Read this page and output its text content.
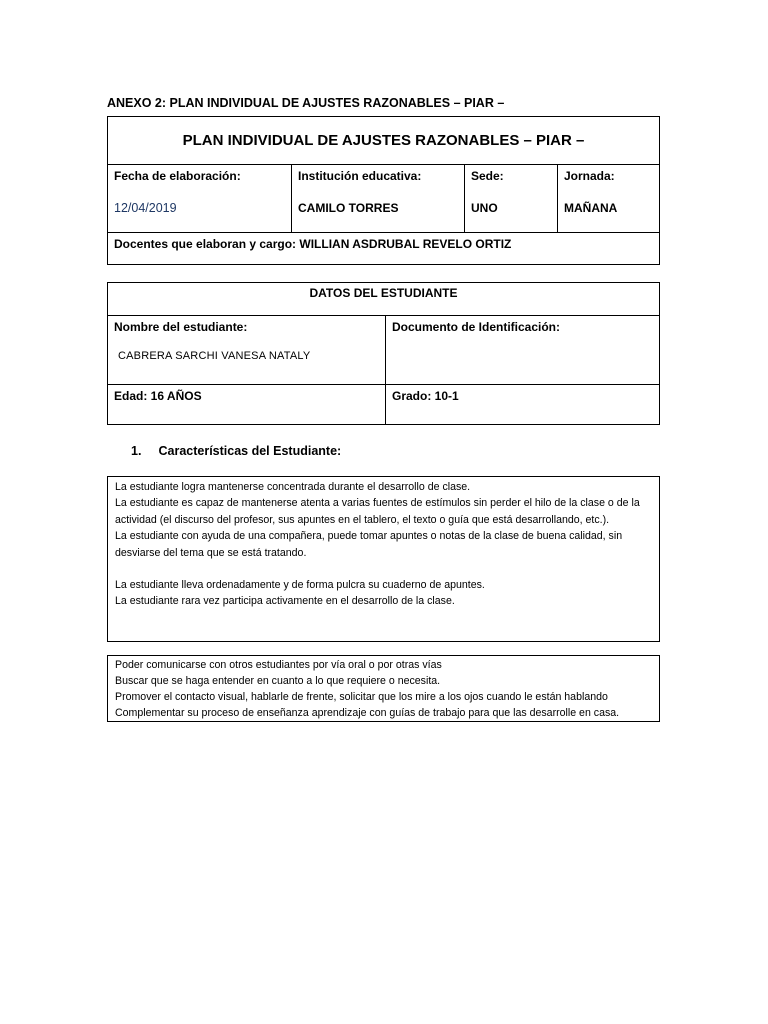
ANEXO 2: PLAN INDIVIDUAL DE AJUSTES RAZONABLES – PIAR –
PLAN INDIVIDUAL DE AJUSTES RAZONABLES – PIAR –
Fecha de elaboración:
12/04/2019
Institución educativa:
CAMILO TORRES
Sede:
UNO
Jornada:
MAÑANA
Docentes que elaboran y cargo: WILLIAN ASDRUBAL REVELO ORTIZ
DATOS DEL ESTUDIANTE
Nombre del estudiante:
CABRERA SARCHI VANESA NATALY
Documento de Identificación:
Edad: 16 AÑOS	Grado: 10-1
1. Características del Estudiante:

La estudiante logra mantenerse concentrada durante el desarrollo de clase.

La estudiante es capaz de mantenerse atenta a varias fuentes de estímulos sin perder el hilo de la clase o de la actividad (el discurso del profesor, sus apuntes en el tablero, el texto o guía que está desarrollando, etc.).

La estudiante con ayuda de una compañera, puede tomar apuntes o notas de la clase de buena calidad, sin desviarse del tema que se está tratando.

La estudiante lleva ordenadamente y de forma pulcra su cuaderno de apuntes.

La estudiante rara vez participa activamente en el desarrollo de la clase.

Poder comunicarse con otros estudiantes por vía oral o por otras vías

Buscar que se haga entender en cuanto a lo que requiere o necesita.

Promover el contacto visual, hablarle de frente, solicitar que los mire a los ojos cuando le están hablando

Complementar su proceso de enseñanza aprendizaje con guías de trabajo para que las desarrolle en casa.
